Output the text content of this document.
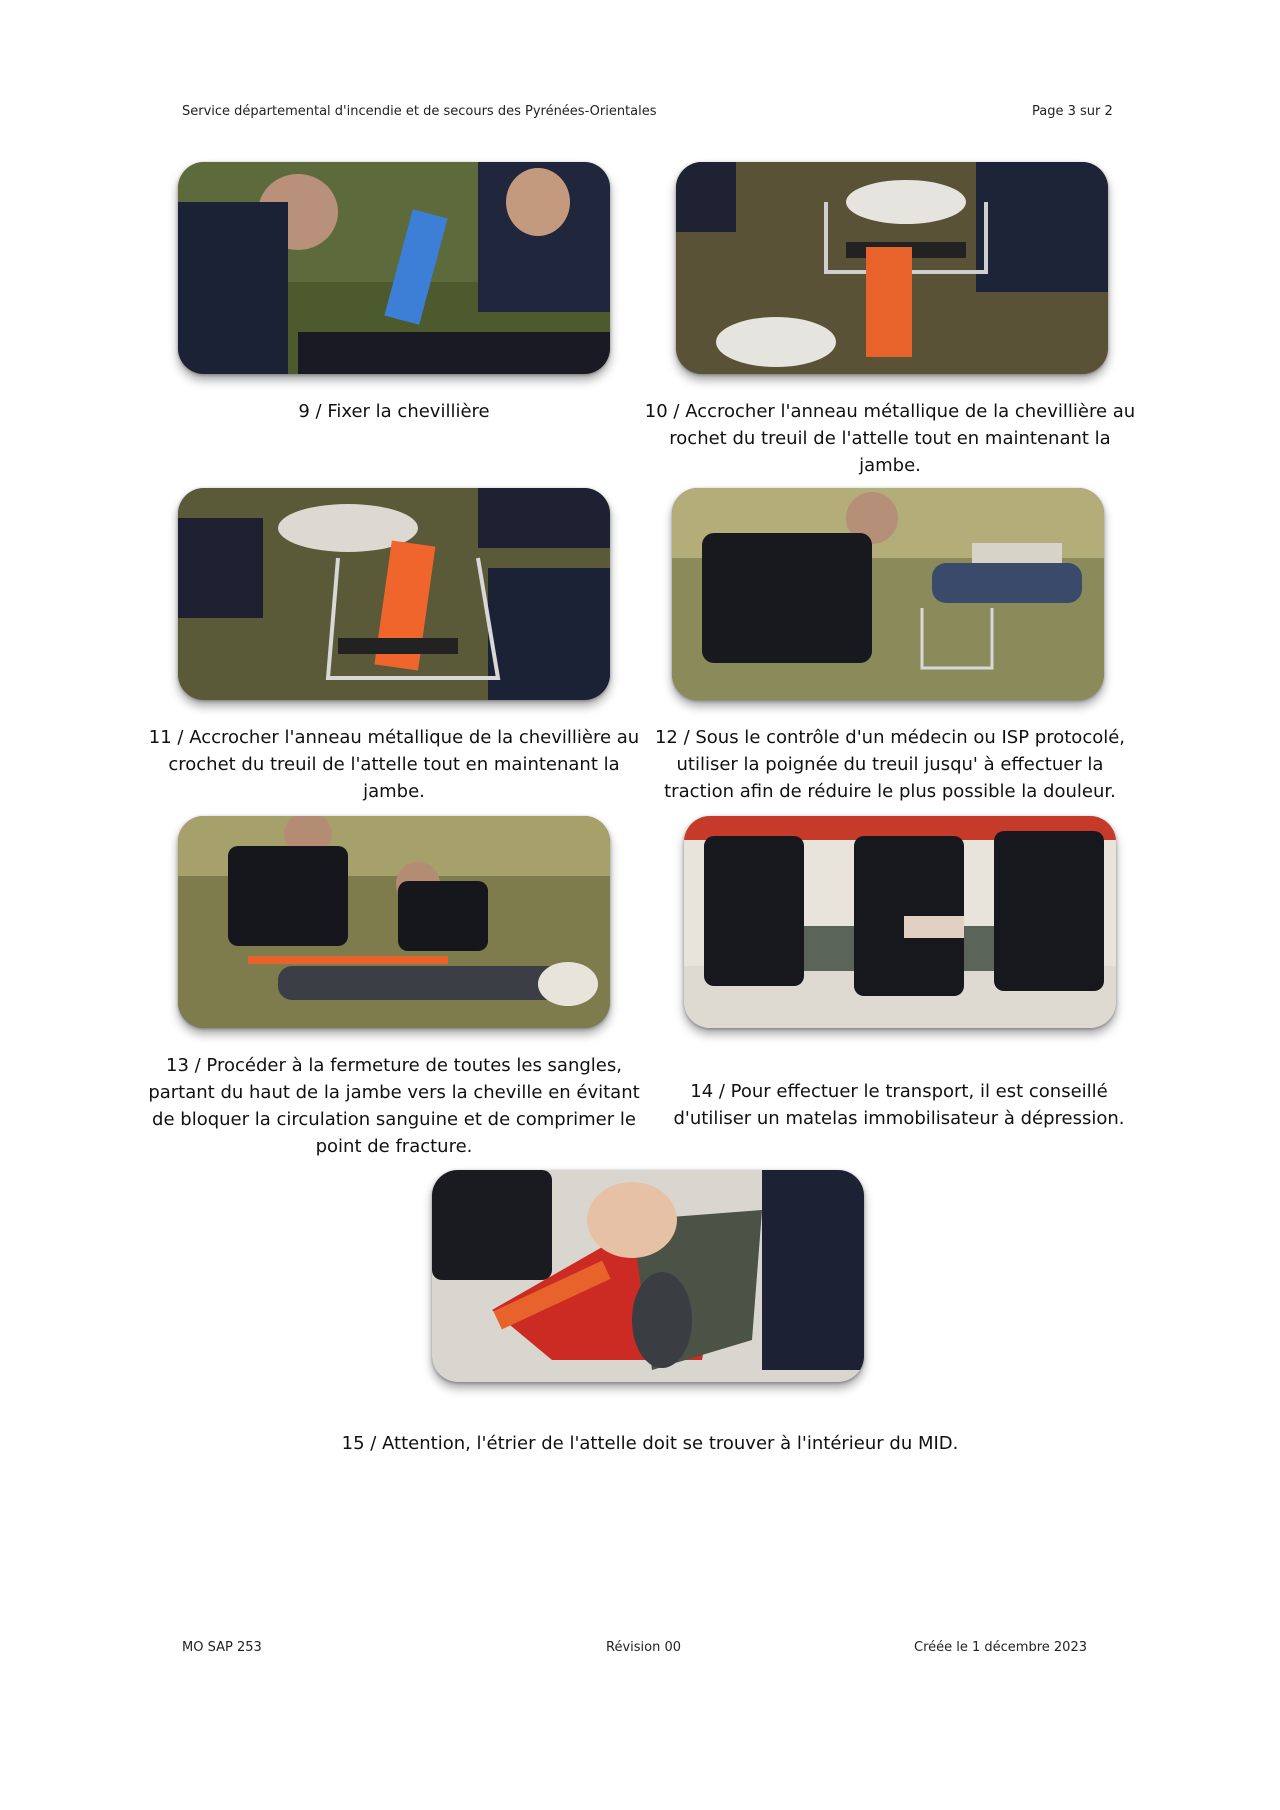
Service départemental d'incendie et de secours des Pyrénées-Orientales	Page 3 sur 2
9 / Fixer la chevillière	10 / Accrocher l'anneau métallique de la chevillière au rochet du treuil de l'attelle tout en maintenant la jambe.
11 / Accrocher l'anneau métallique de la chevillière au crochet du treuil de l'attelle tout en maintenant la jambe.
12 / Sous le contrôle d'un médecin ou ISP protocolé, utiliser la poignée du treuil jusqu' à effectuer la traction afin de réduire le plus possible la douleur.
13 / Procéder à la fermeture de toutes les sangles, partant du haut de la jambe vers la cheville en évitant de bloquer la circulation sanguine et de comprimer le point de fracture.
14 / Pour effectuer le transport, il est conseillé d'utiliser un matelas immobilisateur à dépression.
15 / Attention, l'étrier de l'attelle doit se trouver à l'intérieur du MID.
MO SAP 253	Révision 00	Créée le 1 décembre 2023
